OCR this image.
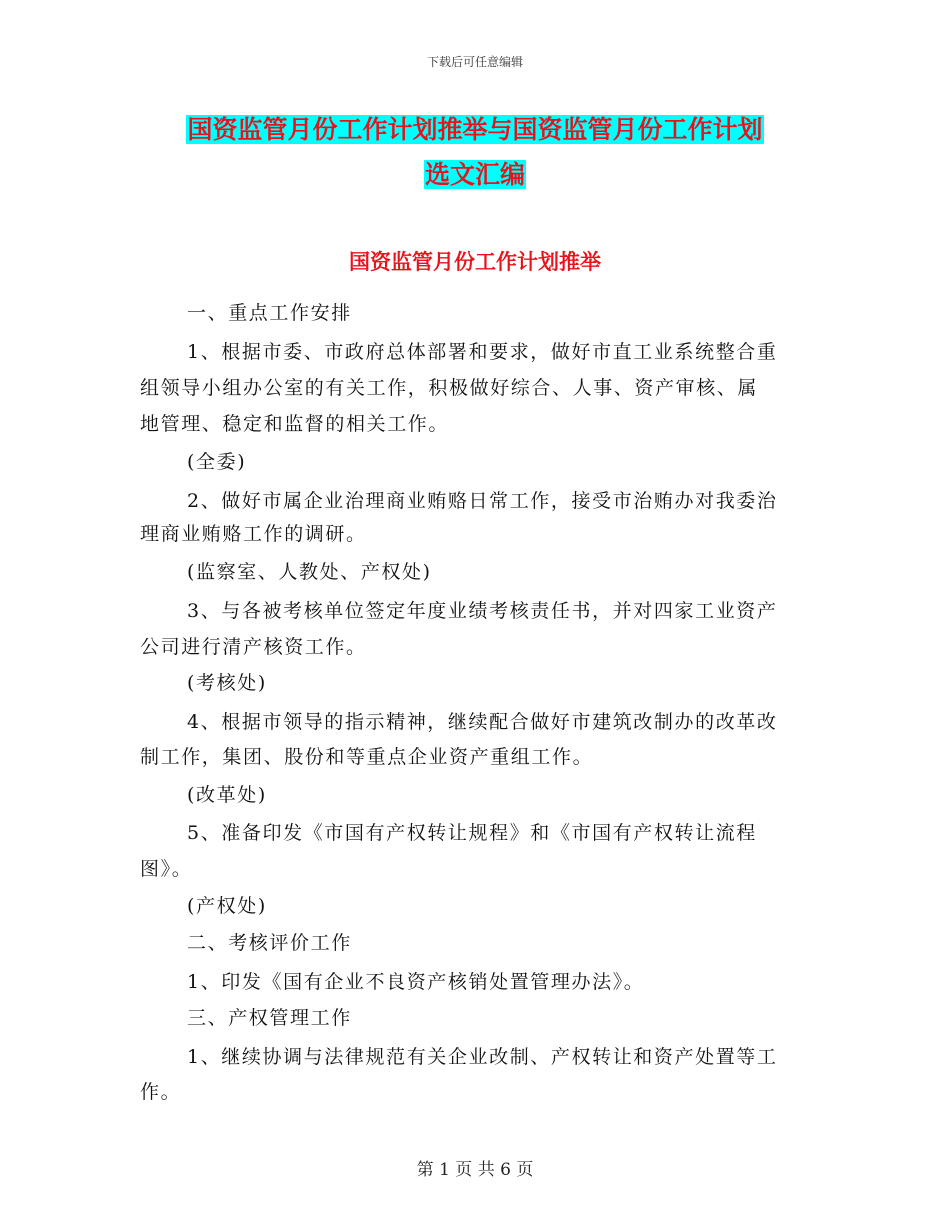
下载后可任意编辑
国资监管月份工作计划推举与国资监管月份工作计划
选文汇编
国资监管月份工作计划推举
一、重点工作安排
1、根据市委、市政府总体部署和要求，做好市直工业系统整合重
组领导小组办公室的有关工作，积极做好综合、人事、资产审核、属
地管理、稳定和监督的相关工作。
(全委)
2、做好市属企业治理商业贿赂日常工作，接受市治贿办对我委治
理商业贿赂工作的调研。
(监察室、人教处、产权处)
3、与各被考核单位签定年度业绩考核责任书，并对四家工业资产
公司进行清产核资工作。
(考核处)
4、根据市领导的指示精神，继续配合做好市建筑改制办的改革改
制工作，集团、股份和等重点企业资产重组工作。
(改革处)
5、准备印发《市国有产权转让规程》和《市国有产权转让流程
图》。
(产权处)
二、考核评价工作
1、印发《国有企业不良资产核销处置管理办法》。
三、产权管理工作
1、继续协调与法律规范有关企业改制、产权转让和资产处置等工
作。
第 1 页 共 6 页
